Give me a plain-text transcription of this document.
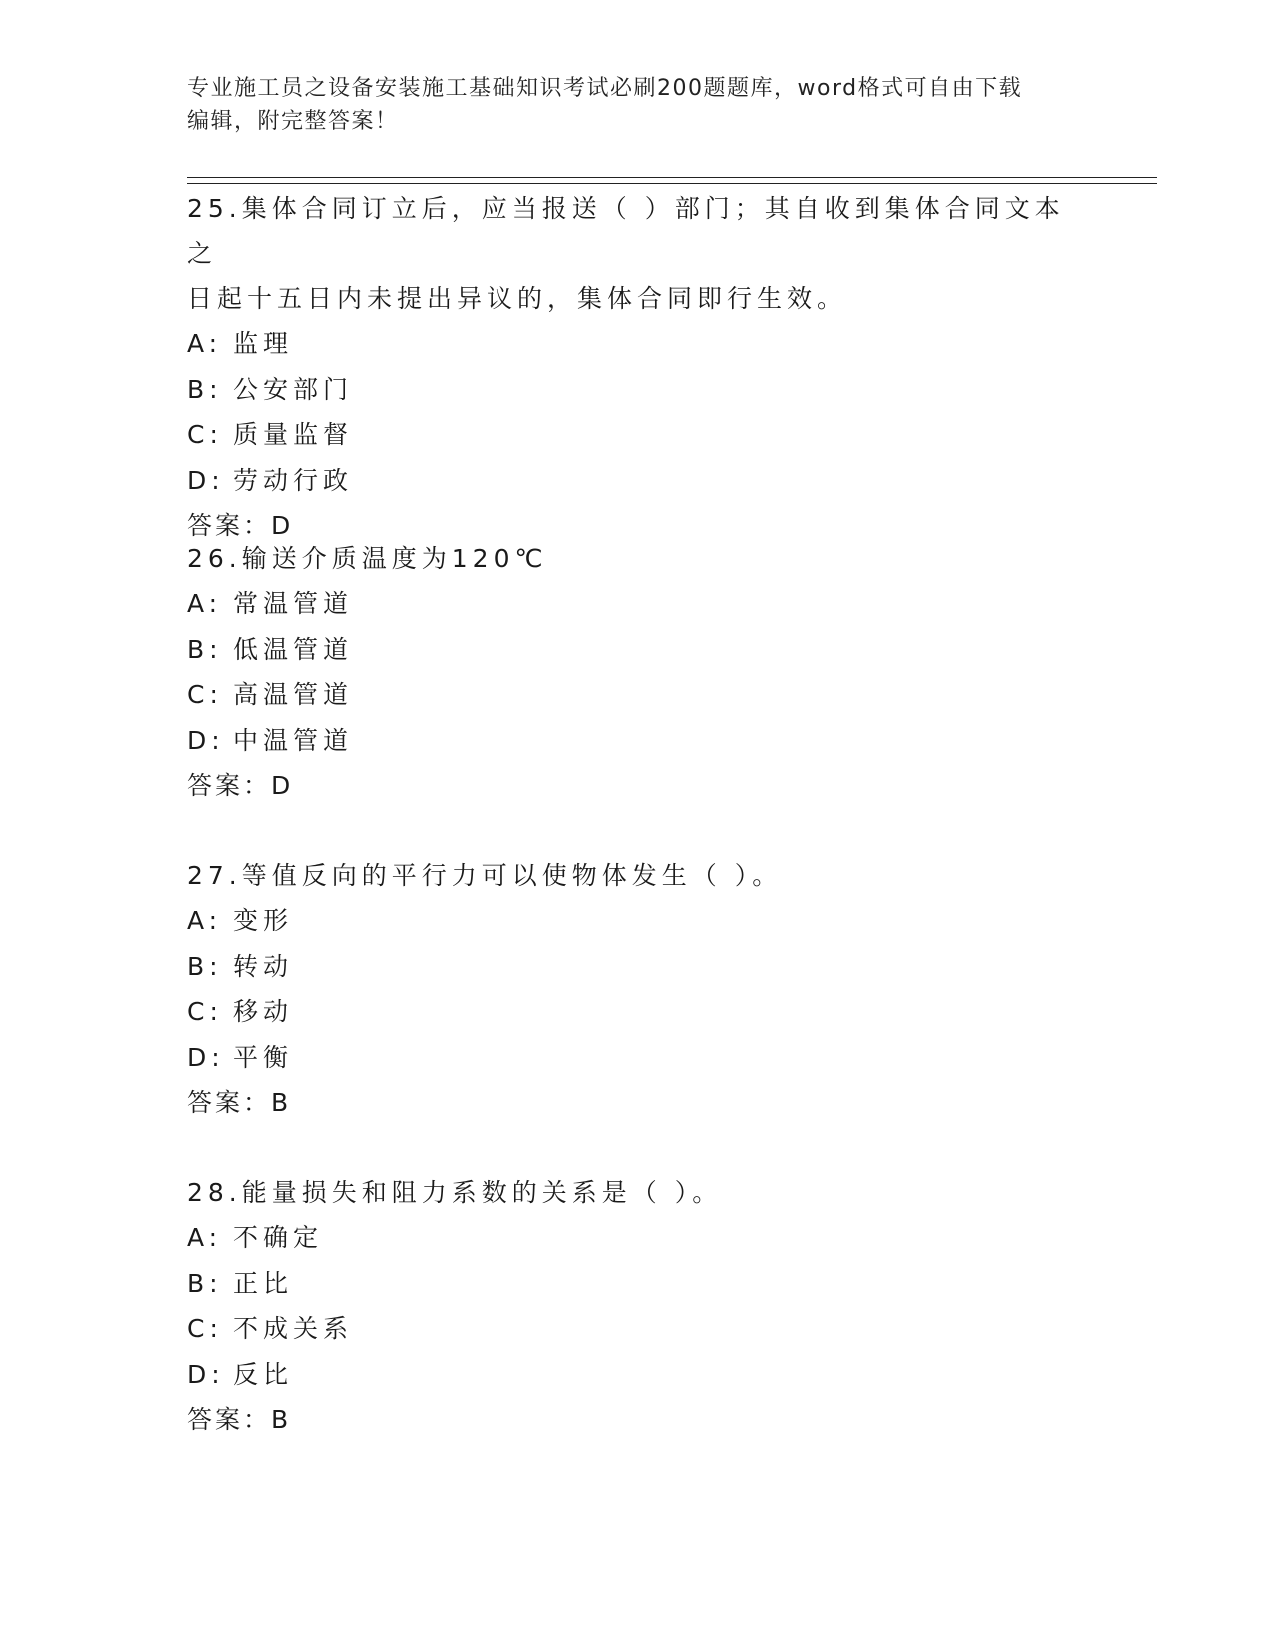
专业施工员之设备安装施工基础知识考试必刷200题题库，word格式可自由下载
编辑，附完整答案！

25.集体合同订立后，应当报送（ ）部门；其自收到集体合同文本之

日起十五日内未提出异议的，集体合同即行生效。

A: 监理

B: 公安部门

C: 质量监督

D: 劳动行政

答案：D

26.输送介质温度为120℃

A: 常温管道

B: 低温管道

C: 高温管道

D: 中温管道

答案：D

27.等值反向的平行力可以使物体发生（ ）。

A: 变形

B: 转动

C: 移动

D: 平衡

答案：B

28.能量损失和阻力系数的关系是（ ）。

A: 不确定

B: 正比

C: 不成关系

D: 反比

答案：B
